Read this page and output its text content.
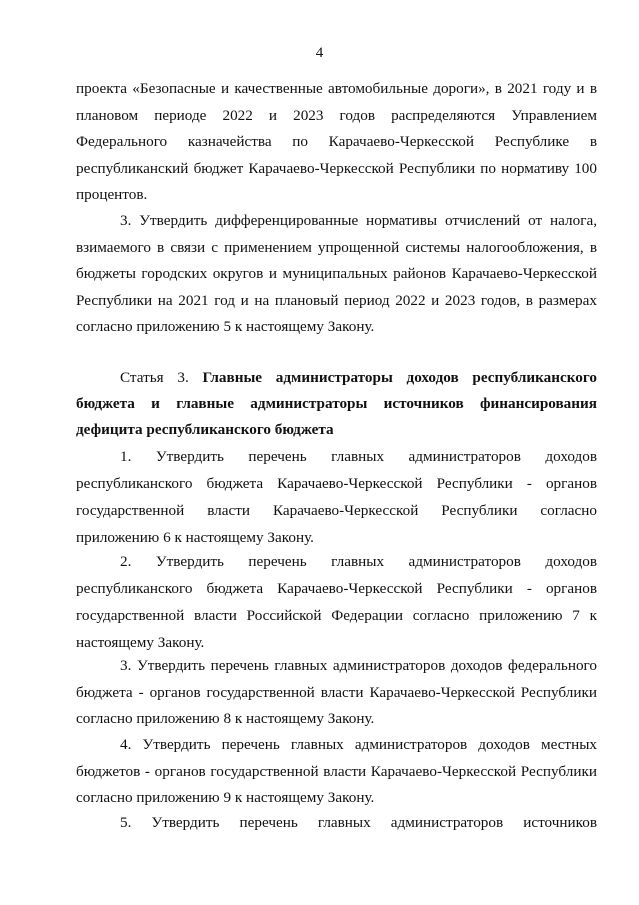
4

проекта «Безопасные и качественные автомобильные дороги», в 2021 году и в плановом периоде 2022 и 2023 годов распределяются Управлением Федерального казначейства по Карачаево-Черкесской Республике в республиканский бюджет Карачаево-Черкесской Республики по нормативу 100 процентов.

3. Утвердить дифференцированные нормативы отчислений от налога, взимаемого в связи с применением упрощенной системы налогообложения, в бюджеты городских округов и муниципальных районов Карачаево-Черкесской Республики на 2021 год и на плановый период 2022 и 2023 годов, в размерах согласно приложению 5 к настоящему Закону.

Статья 3. Главные администраторы доходов республиканского бюджета и главные администраторы источников финансирования дефицита республиканского бюджета

1. Утвердить перечень главных администраторов доходов республиканского бюджета Карачаево-Черкесской Республики - органов государственной власти Карачаево-Черкесской Республики согласно приложению 6 к настоящему Закону.

2. Утвердить перечень главных администраторов доходов республиканского бюджета Карачаево-Черкесской Республики - органов государственной власти Российской Федерации согласно приложению 7 к настоящему Закону.

3. Утвердить перечень главных администраторов доходов федерального бюджета - органов государственной власти Карачаево-Черкесской Республики согласно приложению 8 к настоящему Закону.

4. Утвердить перечень главных администраторов доходов местных бюджетов - органов государственной власти Карачаево-Черкесской Республики согласно приложению 9 к настоящему Закону.

5. Утвердить перечень главных администраторов источников
